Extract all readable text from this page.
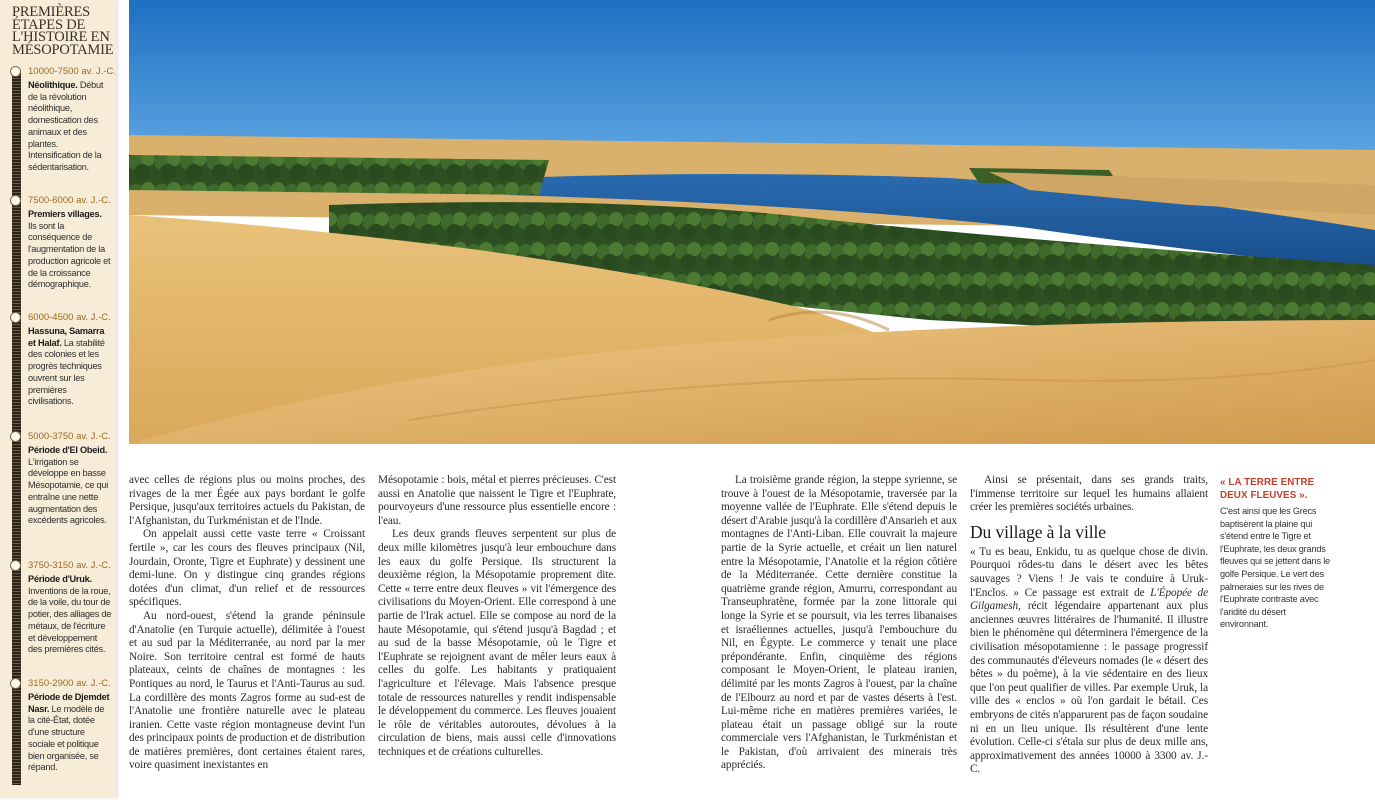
PREMIÈRES ÉTAPES DE L'HISTOIRE EN MÉSOPOTAMIE
10000-7500 av. J.-C.
Néolithique. Début de la révolution néolithique, domestication des animaux et des plantes. Intensification de la sédentarisation.
7500-6000 av. J.-C.
Premiers villages. Ils sont la conséquence de l'augmentation de la production agricole et de la croissance démographique.
6000-4500 av. J.-C.
Hassuna, Samarra et Halaf. La stabilité des colonies et les progrès techniques ouvrent sur les premières civilisations.
5000-3750 av. J.-C.
Période d'El Obeid. L'irrigation se développe en basse Mésopotamie, ce qui entraîne une nette augmentation des excédents agricoles.
3750-3150 av. J.-C.
Période d'Uruk. Inventions de la roue, de la voile, du tour de potier, des alliages de métaux, de l'écriture et développement des premières cités.
3150-2900 av. J.-C.
Période de Djemdet Nasr. Le modèle de la cité-État, dotée d'une structure sociale et politique bien organisée, se répand.

avec celles de régions plus ou moins proches, des rivages de la mer Égée aux pays bordant le golfe Persique, jusqu'aux territoires actuels du Pakistan, de l'Afghanistan, du Turkménistan et de l'Inde.

On appelait aussi cette vaste terre « Croissant fertile », car les cours des fleuves principaux (Nil, Jourdain, Oronte, Tigre et Euphrate) y dessinent une demi-lune. On y distingue cinq grandes régions dotées d'un climat, d'un relief et de ressources spécifiques.

Au nord-ouest, s'étend la grande péninsule d'Anatolie (en Turquie actuelle), délimitée à l'ouest et au sud par la Méditerranée, au nord par la mer Noire. Son territoire central est formé de hauts plateaux, ceints de chaînes de montagnes : les Pontiques au nord, le Taurus et l'Anti-Taurus au sud. La cordillère des monts Zagros forme au sud-est de l'Anatolie une frontière naturelle avec le plateau iranien. Cette vaste région montagneuse devint l'un des principaux points de production et de distribution de matières premières, dont certaines étaient rares, voire quasiment inexistantes en

Mésopotamie : bois, métal et pierres précieuses. C'est aussi en Anatolie que naissent le Tigre et l'Euphrate, pourvoyeurs d'une ressource plus essentielle encore : l'eau.

Les deux grands fleuves serpentent sur plus de deux mille kilomètres jusqu'à leur embouchure dans les eaux du golfe Persique. Ils structurent la deuxième région, la Mésopotamie proprement dite. Cette « terre entre deux fleuves » vit l'émergence des civilisations du Moyen-Orient. Elle correspond à une partie de l'Irak actuel. Elle se compose au nord de la haute Mésopotamie, qui s'étend jusqu'à Bagdad ; et au sud de la basse Mésopotamie, où le Tigre et l'Euphrate se rejoignent avant de mêler leurs eaux à celles du golfe. Les habitants y pratiquaient l'agriculture et l'élevage. Mais l'absence presque totale de ressources naturelles y rendit indispensable le développement du commerce. Les fleuves jouaient le rôle de véritables autoroutes, dévolues à la circulation de biens, mais aussi celle d'innovations techniques et de créations culturelles.

La troisième grande région, la steppe syrienne, se trouve à l'ouest de la Mésopotamie, traversée par la moyenne vallée de l'Euphrate. Elle s'étend depuis le désert d'Arabie jusqu'à la cordillère d'Ansarieh et aux montagnes de l'Anti-Liban. Elle couvrait la majeure partie de la Syrie actuelle, et créait un lien naturel entre la Mésopotamie, l'Anatolie et la région côtière de la Méditerranée. Cette dernière constitue la quatrième grande région, Amurru, correspondant au Transeuphratène, formée par la zone littorale qui longe la Syrie et se poursuit, via les terres libanaises et israéliennes actuelles, jusqu'à l'embouchure du Nil, en Égypte. Le commerce y tenait une place prépondérante. Enfin, cinquième des régions composant le Moyen-Orient, le plateau iranien, délimité par les monts Zagros à l'ouest, par la chaîne de l'Elbourz au nord et par de vastes déserts à l'est. Lui-même riche en matières premières variées, le plateau était un passage obligé sur la route commerciale vers l'Afghanistan, le Turkménistan et le Pakistan, d'où arrivaient des minerais très appréciés.

Ainsi se présentait, dans ses grands traits, l'immense territoire sur lequel les humains allaient créer les premières sociétés urbaines.

Du village à la ville

« Tu es beau, Enkidu, tu as quelque chose de divin. Pourquoi rôdes-tu dans le désert avec les bêtes sauvages ? Viens ! Je vais te conduire à Uruk-l'Enclos. » Ce passage est extrait de L'Épopée de Gilgamesh, récit légendaire appartenant aux plus anciennes œuvres littéraires de l'humanité. Il illustre bien le phénomène qui déterminera l'émergence de la civilisation mésopotamienne : le passage progressif des communautés d'éleveurs nomades (le « désert des bêtes » du poème), à la vie sédentaire en des lieux que l'on peut qualifier de villes. Par exemple Uruk, la ville des « enclos » où l'on gardait le bétail. Ces embryons de cités n'apparurent pas de façon soudaine ni en un lieu unique. Ils résultèrent d'une lente évolution. Celle-ci s'étala sur plus de deux mille ans, approximativement des années 10000 à 3300 av. J.- C.

« LA TERRE ENTRE DEUX FLEUVES ».
C'est ainsi que les Grecs baptisèrent la plaine qui s'étend entre le Tigre et l'Euphrate, les deux grands fleuves qui se jettent dans le golfe Persique. Le vert des palmeraies sur les rives de l'Euphrate contraste avec l'aridité du désert environnant.
